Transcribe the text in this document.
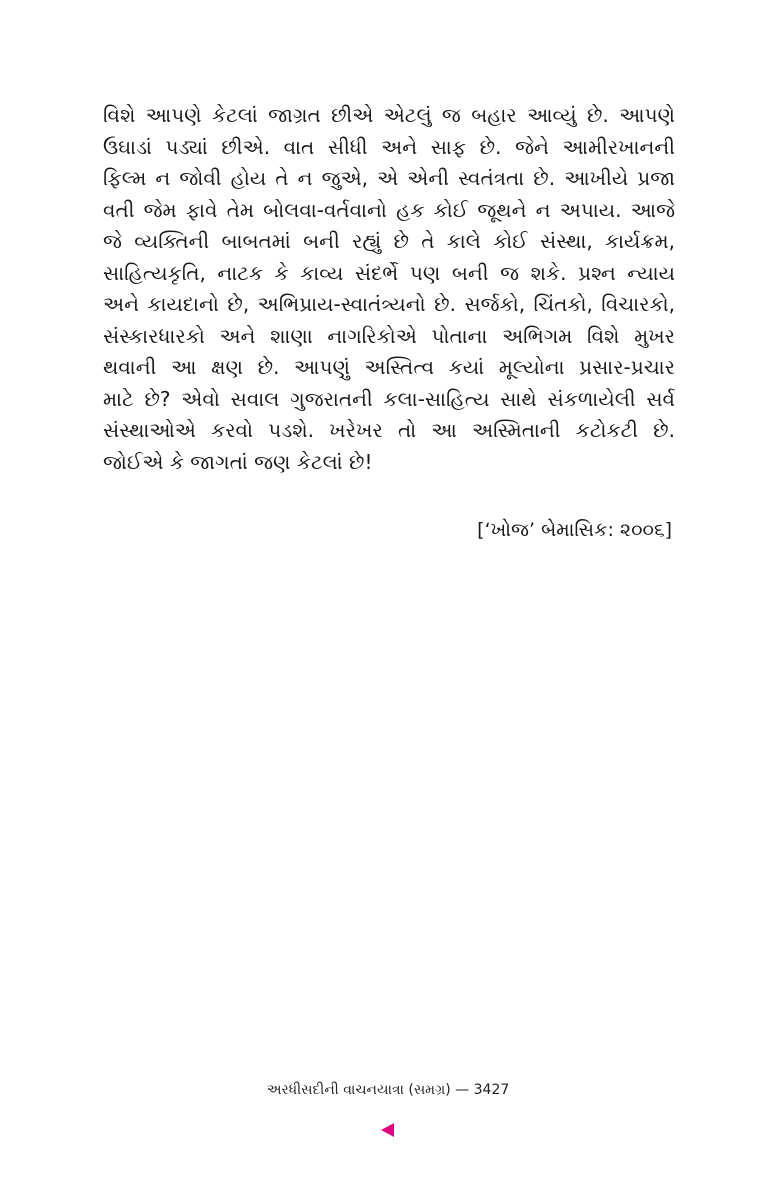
વિશે આપણે કેટલાં જાગ્રત છીએ એટલું જ બહાર આવ્યું છે. આપણે
ઉઘાડાં પડ્યાં છીએ. વાત સીધી અને સાફ છે. જેને આમીરખાનની
ફિલ્મ ન જોવી હોય તે ન જુએ, એ એની સ્વતંત્રતા છે. આખીયે પ્રજા
વતી જેમ ફાવે તેમ બોલવા-વર્તવાનો હક કોઈ જૂથને ન અપાય. આજે
જે વ્યક્તિની બાબતમાં બની રહ્યું છે તે કાલે કોઈ સંસ્થા, કાર્યક્રમ,
સાહિત્યકૃતિ, નાટક કે કાવ્ય સંદર્ભે પણ બની જ શકે. પ્રશ્ન ન્યાય
અને કાયદાનો છે, અભિપ્રાય-સ્વાતંત્ર્યનો છે. સર્જકો, ચિંતકો, વિચારકો,
સંસ્કારધારકો અને શાણા નાગરિકોએ પોતાના અભિગમ વિશે મુખર
થવાની આ ક્ષણ છે. આપણું અસ્તિત્વ કયાં મૂલ્યોના પ્રસાર-પ્રચાર
માટે છે? એવો સવાલ ગુજરાતની કલા-સાહિત્ય સાથે સંકળાયેલી સર્વ
સંસ્થાઓએ કરવો પડશે. ખરેખર તો આ અસ્મિતાની કટોકટી છે.
જોઈએ કે જાગતાં જણ કેટલાં છે!
[‘ખોજ’ બેમાસિક: ૨૦૦૬]
અરધીસદીની વાચનયાત્રા (સમગ્ર) — 3427
